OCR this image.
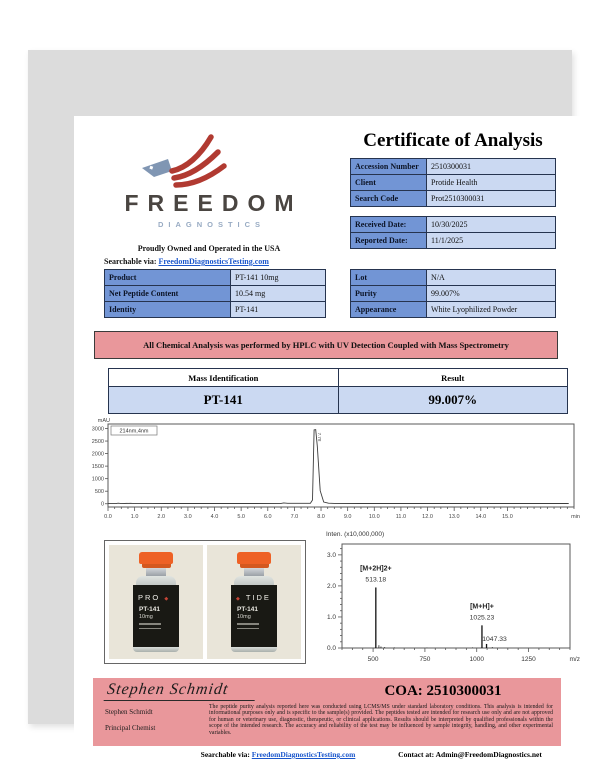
FREEDOM
DIAGNOSTICS
Proudly Owned and Operated in the USA
Searchable via: FreedomDiagnosticsTesting.com
Certificate of Analysis
Accession Number	2510300031
Client	Protide Health
Search Code	Prot2510300031
Received Date:	10/30/2025
Reported Date:	11/1/2025
Product	PT-141 10mg
Net Peptide Content	10.54 mg
Identity	PT-141
Lot	N/A
Purity	99.007%
Appearance	White Lyophilized Powder
All Chemical Analysis was performed by HPLC with UV Detection Coupled with Mass Spectrometry
Mass Identification	Result
PT-141	99.007%
mAU
0
500
1000
1500
2000
2500
3000
0.0	1.0	2.0	3.0	4.0	5.0	6.0	7.0	8.0	9.0	10.0	11.0	12.0	13.0	14.0	15.0	min
214nm,4nm
7.78
PRO ◆
PT-141
10mg
◆ TIDE
PT-141
10mg
Inten. (x10,000,000)
0.0
1.0
2.0
3.0
500	750	1000	1250	m/z
[M+2H]2+
513.18
[M+H]+
1025.23
1047.33
Stephen Schmidt	COA: 2510300031
Stephen Schmidt
Principal Chemist
The peptide purity analysis reported here was conducted using LCMS/MS under standard laboratory conditions. This analysis is intended for informational purposes only and is specific to the sample(s) provided. The peptides tested are intended for research use only and are not approved for human or veterinary use, diagnostic, therapeutic, or clinical applications. Results should be interpreted by qualified professionals within the scope of the intended research. The accuracy and reliability of the test may be influenced by sample integrity, handling, and other experimental variables.
Searchable via: FreedomDiagnosticsTesting.com	Contact at: Admin@FreedomDiagnostics.net
